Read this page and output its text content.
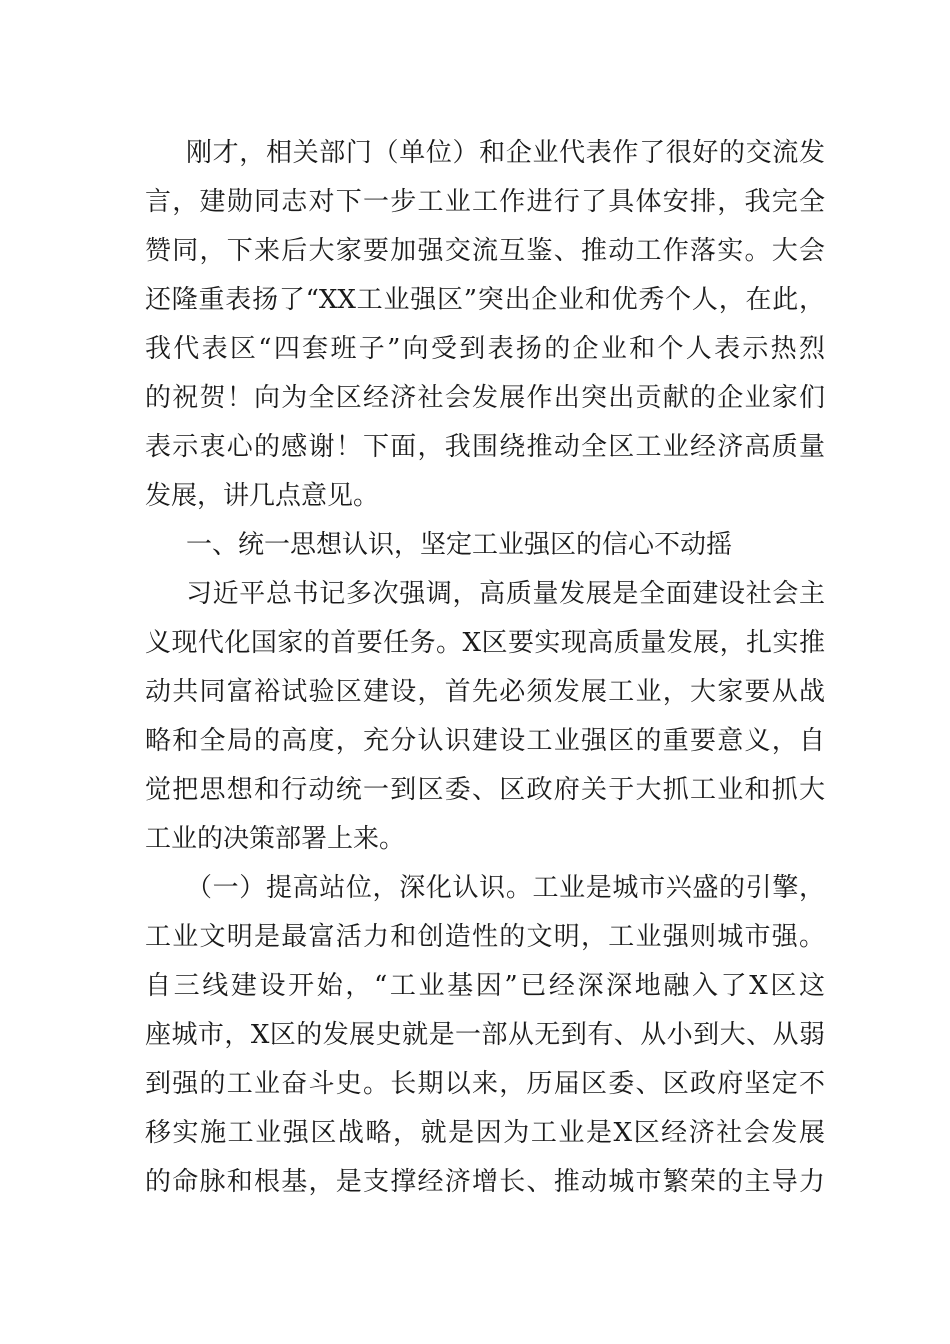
刚才，相关部门（单位）和企业代表作了很好的交流发
言，建勋同志对下一步工业工作进行了具体安排，我完全
赞同，下来后大家要加强交流互鉴、推动工作落实。大会
还隆重表扬了“XX工业强区”突出企业和优秀个人，在此，
我代表区“四套班子”向受到表扬的企业和个人表示热烈
的祝贺！向为全区经济社会发展作出突出贡献的企业家们
表示衷心的感谢！下面，我围绕推动全区工业经济高质量
发展，讲几点意见。
一、统一思想认识，坚定工业强区的信心不动摇
习近平总书记多次强调，高质量发展是全面建设社会主
义现代化国家的首要任务。X区要实现高质量发展，扎实推
动共同富裕试验区建设，首先必须发展工业，大家要从战
略和全局的高度，充分认识建设工业强区的重要意义，自
觉把思想和行动统一到区委、区政府关于大抓工业和抓大
工业的决策部署上来。
（一）提高站位，深化认识。工业是城市兴盛的引擎，
工业文明是最富活力和创造性的文明，工业强则城市强。
自三线建设开始，“工业基因”已经深深地融入了X区这
座城市，X区的发展史就是一部从无到有、从小到大、从弱
到强的工业奋斗史。长期以来，历届区委、区政府坚定不
移实施工业强区战略，就是因为工业是X区经济社会发展
的命脉和根基，是支撑经济增长、推动城市繁荣的主导力
